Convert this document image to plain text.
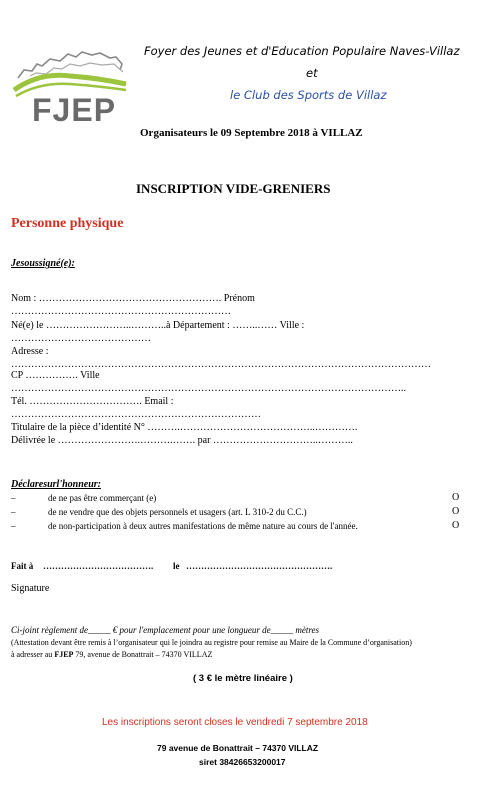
FJEP
Foyer des Jeunes et d'Education Populaire Naves-Villaz
et
le Club des Sports de Villaz
Organisateurs le 09 Septembre 2018 à VILLAZ
INSCRIPTION VIDE-GRENIERS
Personne physique
Jesoussigné(e):
Nom : ………………………………………………. Prénom
…………………………………………………………
Né(e) le ……………………..………..à Département : ……..…… Ville :
……………………………………
Adresse :
………………………………………………………………………………………………………………
CP ……………. Ville
………………………………………………………………………………………………………..
Tél. ……………………………. Email :
…………………………………………………………………
Titulaire de la pièce d’identité N° ……….…………………………………..………….
Délivrée le …………………….……….……. par …………………………..………..
Déclaresurl'honneur:
–	de ne pas être commerçant (e)	O
–	de ne vendre que des objets personnels et usagers (art. L 310-2 du C.C.)	O
–	de non-participation à deux autres manifestations de même nature au cours de l'année.	O
Fait à ………………………………. le ………………………………………….
Signature
Ci-joint règlement de_____ € pour l'emplacement pour une longueur de_____ mètres
(Attestation devant être remis à l’organisateur qui le joindra au registre pour remise au Maire de la Commune d’organisation)
à adresser au FJEP 79, avenue de Bonattrait – 74370 VILLAZ
( 3 € le mètre linéaire )
Les inscriptions seront closes le vendredi 7 septembre 2018
79 avenue de Bonattrait – 74370 VILLAZ
siret 38426653200017
